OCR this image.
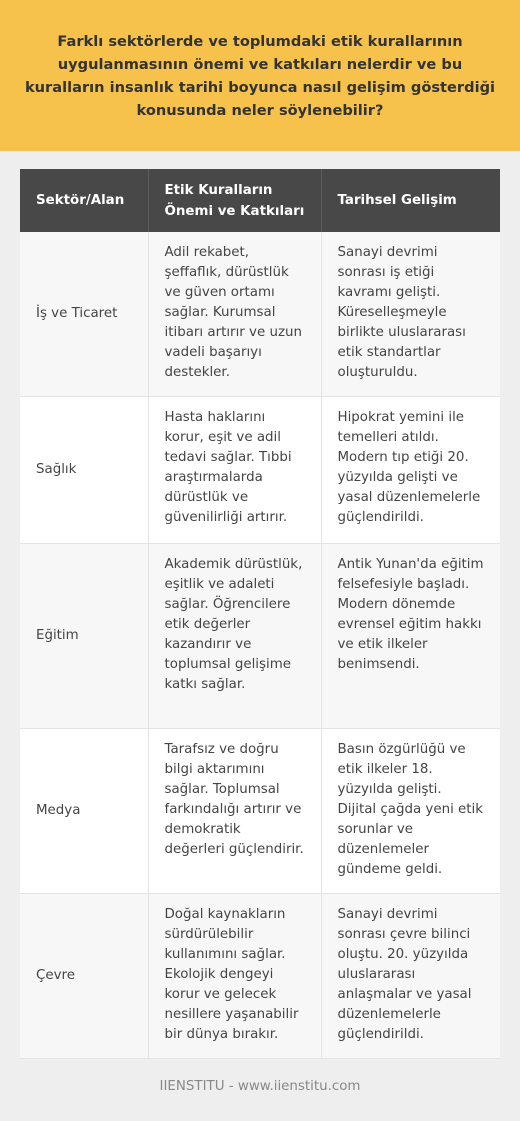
Farklı sektörlerde ve toplumdaki etik kurallarının uygulanmasının önemi ve katkıları nelerdir ve bu kuralların insanlık tarihi boyunca nasıl gelişim gösterdiği konusunda neler söylenebilir?
Sektör/Alan	Etik Kuralların Önemi ve Katkıları	Tarihsel Gelişim
İş ve Ticaret	Adil rekabet, şeffaflık, dürüstlük ve güven ortamı sağlar. Kurumsal itibarı artırır ve uzun vadeli başarıyı destekler.	Sanayi devrimi sonrası iş etiği kavramı gelişti. Küreselleşmeyle birlikte uluslararası etik standartlar oluşturuldu.
Sağlık	Hasta haklarını korur, eşit ve adil tedavi sağlar. Tıbbi araştırmalarda dürüstlük ve güvenilirliği artırır.	Hipokrat yemini ile temelleri atıldı. Modern tıp etiği 20. yüzyılda gelişti ve yasal düzenlemelerle güçlendirildi.
Eğitim	Akademik dürüstlük, eşitlik ve adaleti sağlar. Öğrencilere etik değerler kazandırır ve toplumsal gelişime katkı sağlar.	Antik Yunan'da eğitim felsefesiyle başladı. Modern dönemde evrensel eğitim hakkı ve etik ilkeler benimsendi.
Medya	Tarafsız ve doğru bilgi aktarımını sağlar. Toplumsal farkındalığı artırır ve demokratik değerleri güçlendirir.	Basın özgürlüğü ve etik ilkeler 18. yüzyılda gelişti. Dijital çağda yeni etik sorunlar ve düzenlemeler gündeme geldi.
Çevre	Doğal kaynakların sürdürülebilir kullanımını sağlar. Ekolojik dengeyi korur ve gelecek nesillere yaşanabilir bir dünya bırakır.	Sanayi devrimi sonrası çevre bilinci oluştu. 20. yüzyılda uluslararası anlaşmalar ve yasal düzenlemelerle güçlendirildi.
IIENSTITU - www.iienstitu.com
